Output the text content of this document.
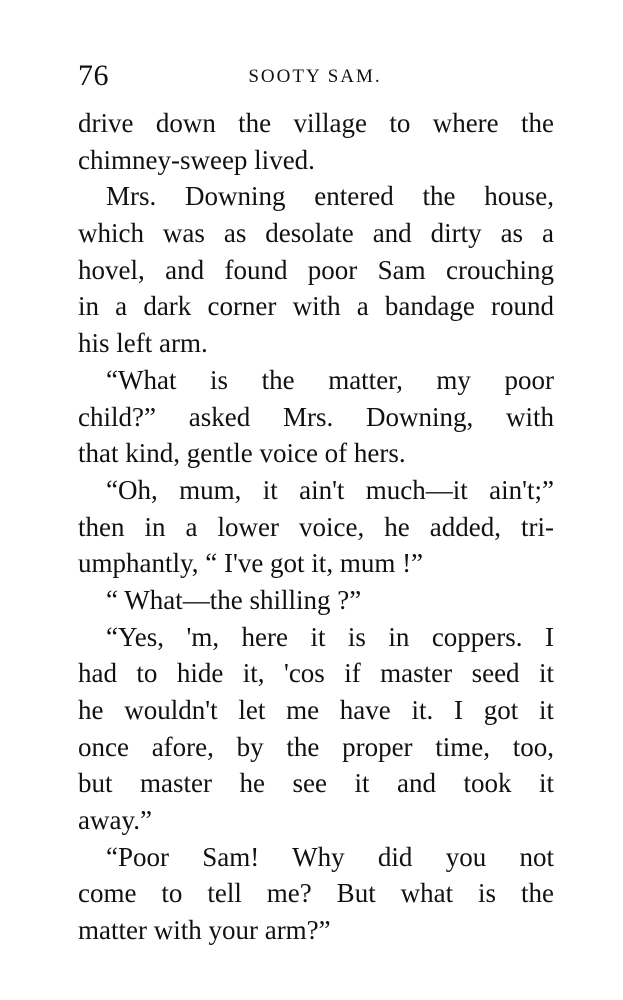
76	SOOTY SAM.
drive down the village to where the
chimney-sweep lived.
Mrs. Downing entered the house,
which was as desolate and dirty as a
hovel, and found poor Sam crouching
in a dark corner with a bandage round
his left arm.
“What is the matter, my poor
child?” asked Mrs. Downing, with
that kind, gentle voice of hers.
“Oh, mum, it ain't much—it ain't;”
then in a lower voice, he added, tri-
umphantly, “ I've got it, mum !”
“ What—the shilling ?”
“Yes, 'm, here it is in coppers. I
had to hide it, 'cos if master seed it
he wouldn't let me have it. I got it
once afore, by the proper time, too,
but master he see it and took it
away.”
“Poor Sam! Why did you not
come to tell me? But what is the
matter with your arm?”
